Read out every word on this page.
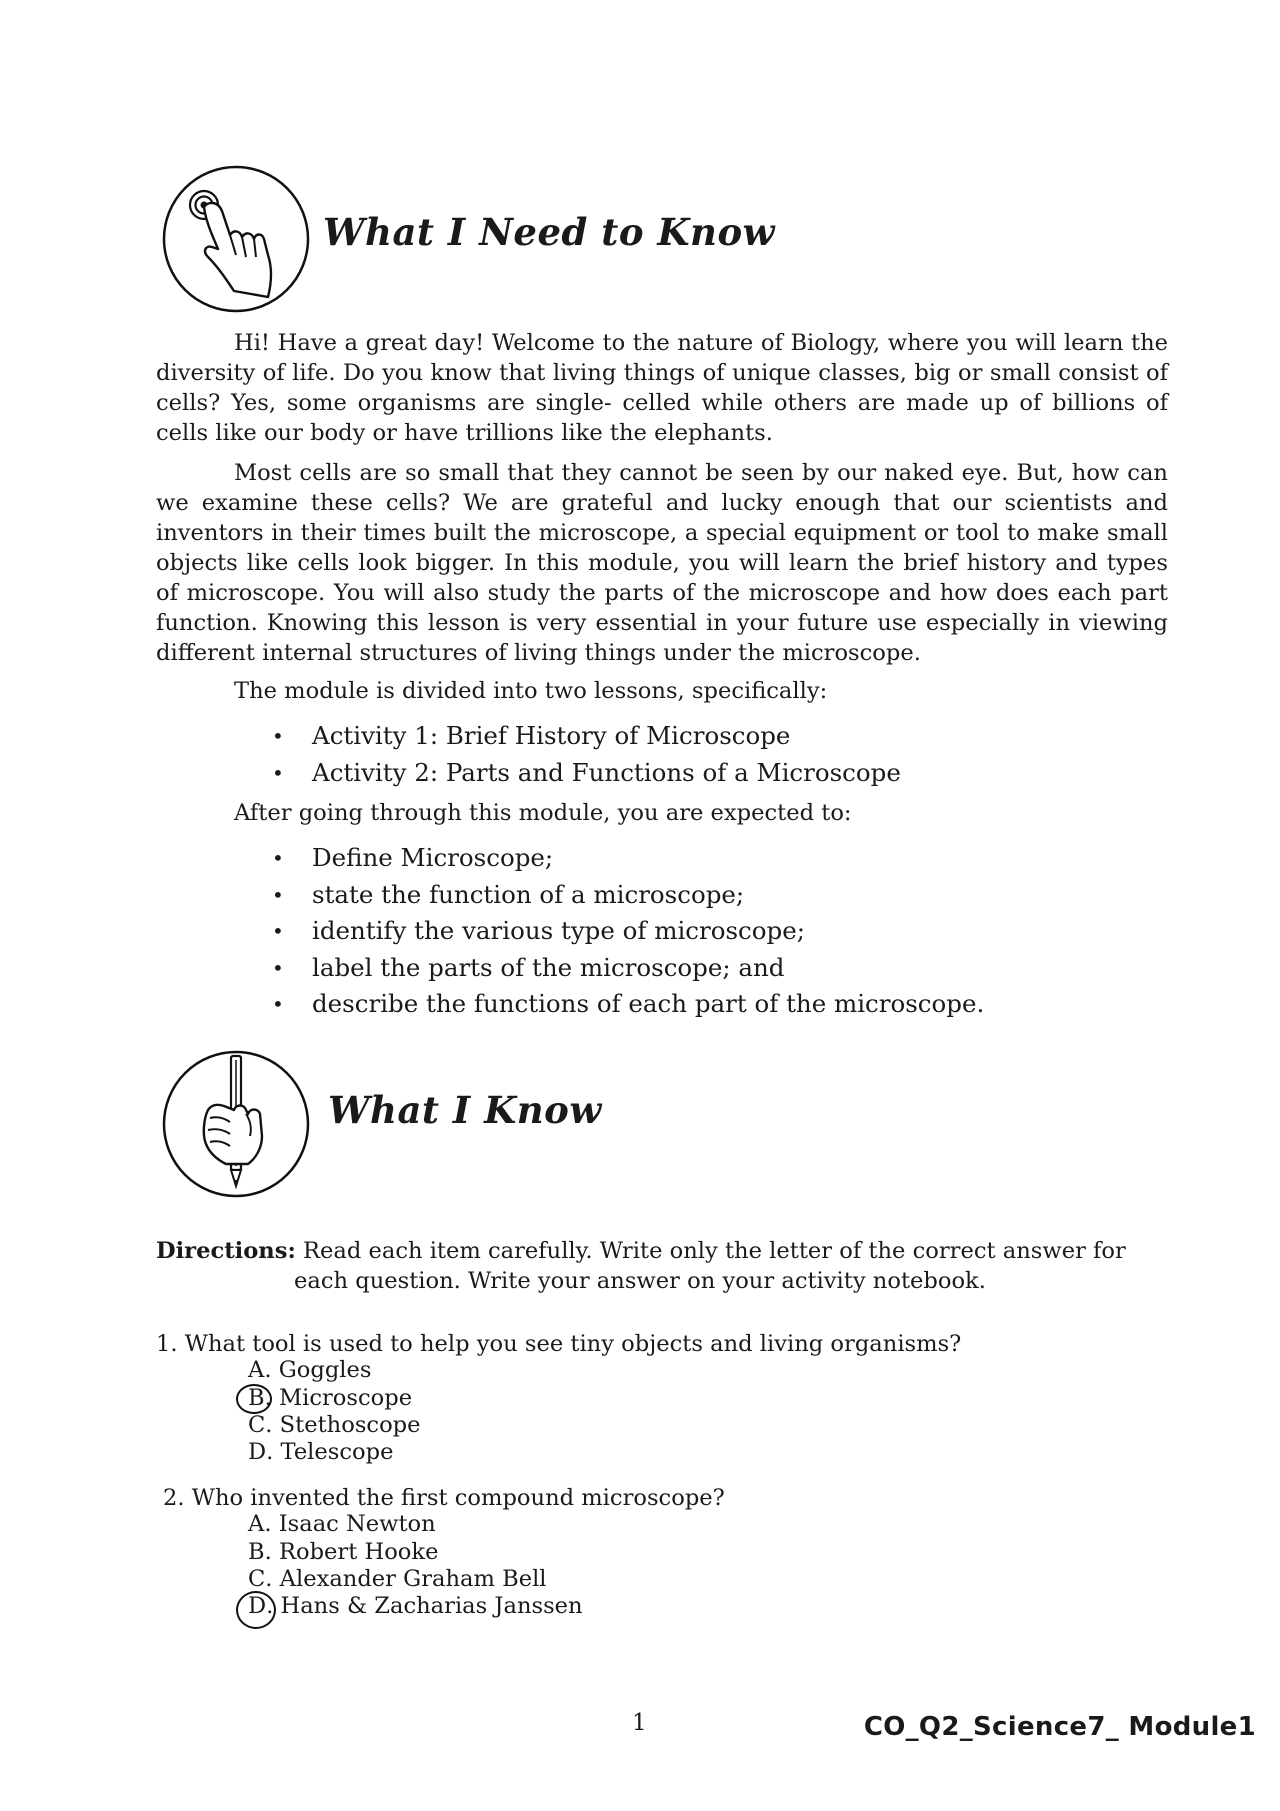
What I Need to Know

Hi! Have a great day! Welcome to the nature of Biology, where you will learn the diversity of life. Do you know that living things of unique classes, big or small consist of cells? Yes, some organisms are single- celled while others are made up of billions of cells like our body or have trillions like the elephants.

Most cells are so small that they cannot be seen by our naked eye. But, how can we examine these cells? We are grateful and lucky enough that our scientists and inventors in their times built the microscope, a special equipment or tool to make small objects like cells look bigger. In this module, you will learn the brief history and types of microscope. You will also study the parts of the microscope and how does each part function. Knowing this lesson is very essential in your future use especially in viewing different internal structures of living things under the microscope.

The module is divided into two lessons, specifically:

• Activity 1: Brief History of Microscope
• Activity 2: Parts and Functions of a Microscope

After going through this module, you are expected to:

• Define Microscope;
• state the function of a microscope;
• identify the various type of microscope;
• label the parts of the microscope; and
• describe the functions of each part of the microscope.
What I Know
Directions: Read each item carefully. Write only the letter of the correct answer for
each question. Write your answer on your activity notebook.
1. What tool is used to help you see tiny objects and living organisms?
A. Goggles
B. Microscope
C. Stethoscope
D. Telescope
2. Who invented the first compound microscope?
A. Isaac Newton
B. Robert Hooke
C. Alexander Graham Bell
D. Hans & Zacharias Janssen
1	CO_Q2_Science7_ Module1
